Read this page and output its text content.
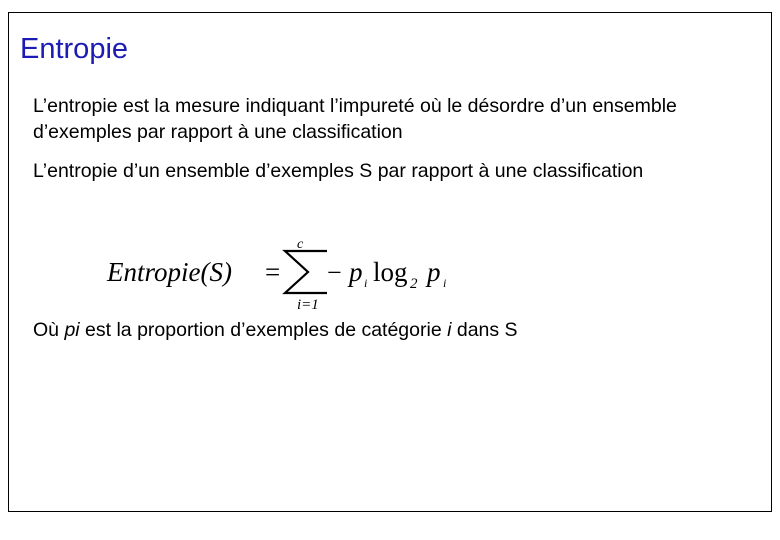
Entropie
L’entropie est la mesure indiquant l’impureté où le désordre d’un ensemble d’exemples par rapport à une classification
L’entropie d’un ensemble d’exemples S par rapport à une classification
Entropie(S) =
c
i=1
− p i log 2 p i
Où pi est la proportion d’exemples de catégorie i dans S
